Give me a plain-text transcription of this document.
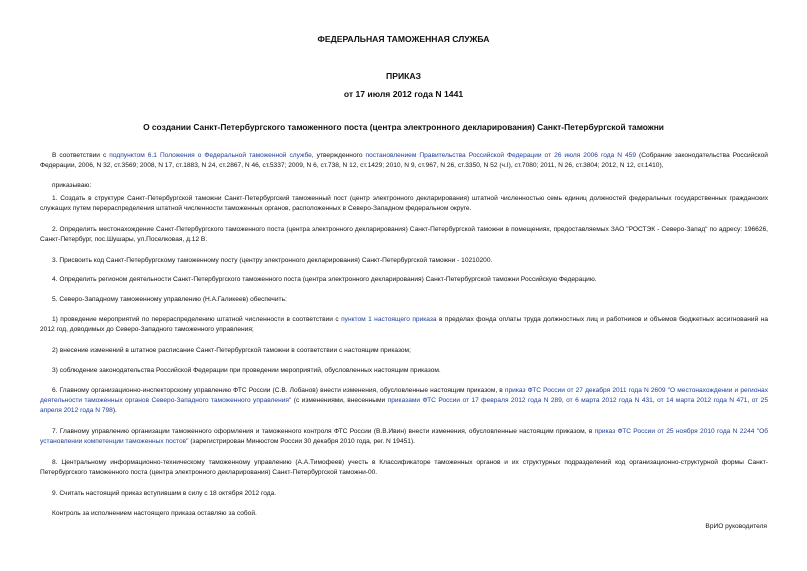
ФЕДЕРАЛЬНАЯ ТАМОЖЕННАЯ СЛУЖБА
ПРИКАЗ
от 17 июля 2012 года N 1441
О создании Санкт-Петербургского таможенного поста (центра электронного декларирования) Санкт-Петербургской таможни
В соответствии с подпунктом 6.1 Положения о Федеральной таможенной службе, утвержденного постановлением Правительства Российской Федерации от 26 июля 2006 года N 459 (Собрание законодательства Российской Федерации, 2006, N 32, ст.3569; 2008, N 17, ст.1883, N 24, ст.2867, N 46, ст.5337; 2009, N 6, ст.738, N 12, ст.1429; 2010, N 9, ст.967, N 26, ст.3350, N 52 (ч.I), ст.7080; 2011, N 26, ст.3804; 2012, N 12, ст.1410),
приказываю:
1. Создать в структуре Санкт-Петербургской таможни Санкт-Петербургский таможенный пост (центр электронного декларирования) штатной численностью семь единиц должностей федеральных государственных гражданских служащих путем перераспределения штатной численности таможенных органов, расположенных в Северо-Западном федеральном округе.
2. Определить местонахождение Санкт-Петербургского таможенного поста (центра электронного декларирования) Санкт-Петербургской таможни в помещениях, предоставляемых ЗАО "РОСТЭК - Северо-Запад" по адресу: 196626, Санкт-Петербург, пос.Шушары, ул.Поселковая, д.12 В.
3. Присвоить код Санкт-Петербургскому таможенному посту (центру электронного декларирования) Санкт-Петербургской таможни - 10210200.
4. Определить регионом деятельности Санкт-Петербургского таможенного поста (центра электронного декларирования) Санкт-Петербургской таможни Российскую Федерацию.
5. Северо-Западному таможенному управлению (Н.А.Галикеев) обеспечить:
1) проведение мероприятий по перераспределению штатной численности в соответствии с пунктом 1 настоящего приказа в пределах фонда оплаты труда должностных лиц и работников и объемов бюджетных ассигнований на 2012 год, доводимых до Северо-Западного таможенного управления;
2) внесение изменений в штатное расписание Санкт-Петербургской таможни в соответствии с настоящим приказом;
3) соблюдение законодательства Российской Федерации при проведении мероприятий, обусловленных настоящим приказом.
6. Главному организационно-инспекторскому управлению ФТС России (С.В. Лобанов) внести изменения, обусловленные настоящим приказом, в приказ ФТС России от 27 декабря 2011 года N 2609 "О местонахождении и регионах деятельности таможенных органов Северо-Западного таможенного управления" (с изменениями, внесенными приказами ФТС России от 17 февраля 2012 года N 289, от 6 марта 2012 года N 431, от 14 марта 2012 года N 471, от 25 апреля 2012 года N 798).
7. Главному управлению организации таможенного оформления и таможенного контроля ФТС России (В.В.Ивин) внести изменения, обусловленные настоящим приказом, в приказ ФТС России от 25 ноября 2010 года N 2244 "Об установлении компетенции таможенных постов" (зарегистрирован Минюстом России 30 декабря 2010 года, рег. N 19451).
8. Центральному информационно-техническому таможенному управлению (А.А.Тимофеев) учесть в Классификаторе таможенных органов и их структурных подразделений код организационно-структурной формы Санкт-Петербургского таможенного поста (центра электронного декларирования) Санкт-Петербургской таможни-00.
9. Считать настоящий приказ вступившим в силу с 18 октября 2012 года.
Контроль за исполнением настоящего приказа оставляю за собой.
ВрИО руководителя
